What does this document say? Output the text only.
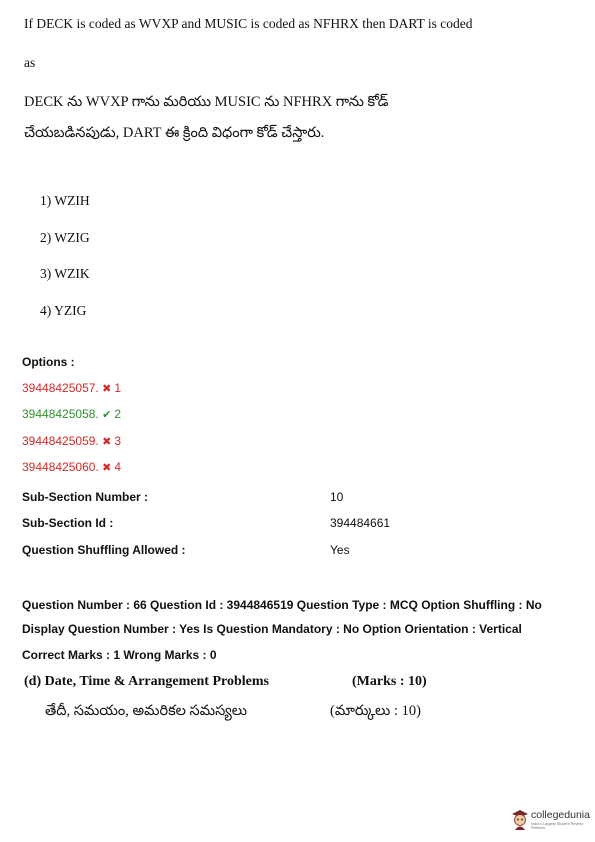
If DECK is coded as WVXP and MUSIC is coded as NFHRX then DART is coded
as
DECK ను WVXP గాను మరియు MUSIC ను NFHRX గాను కోడ్
చేయబడినపుడు, DART ఈ క్రింది విధంగా కోడ్ చేస్తారు.
1) WZIH
2) WZIG
3) WZIK
4) YZIG
Options :
39448425057. ✖ 1
39448425058. ✔ 2
39448425059. ✖ 3
39448425060. ✖ 4
Sub-Section Number :	10
Sub-Section Id :	394484661
Question Shuffling Allowed :	Yes
Question Number : 66 Question Id : 3944846519 Question Type : MCQ Option Shuffling : No
Display Question Number : Yes Is Question Mandatory : No Option Orientation : Vertical
Correct Marks : 1 Wrong Marks : 0
(d) Date, Time & Arrangement Problems	(Marks : 10)
తేదీ, సమయం, అమరికల సమస్యలు	(మార్కులు : 10)
collegedunia
India's Largest Student Review Platform
